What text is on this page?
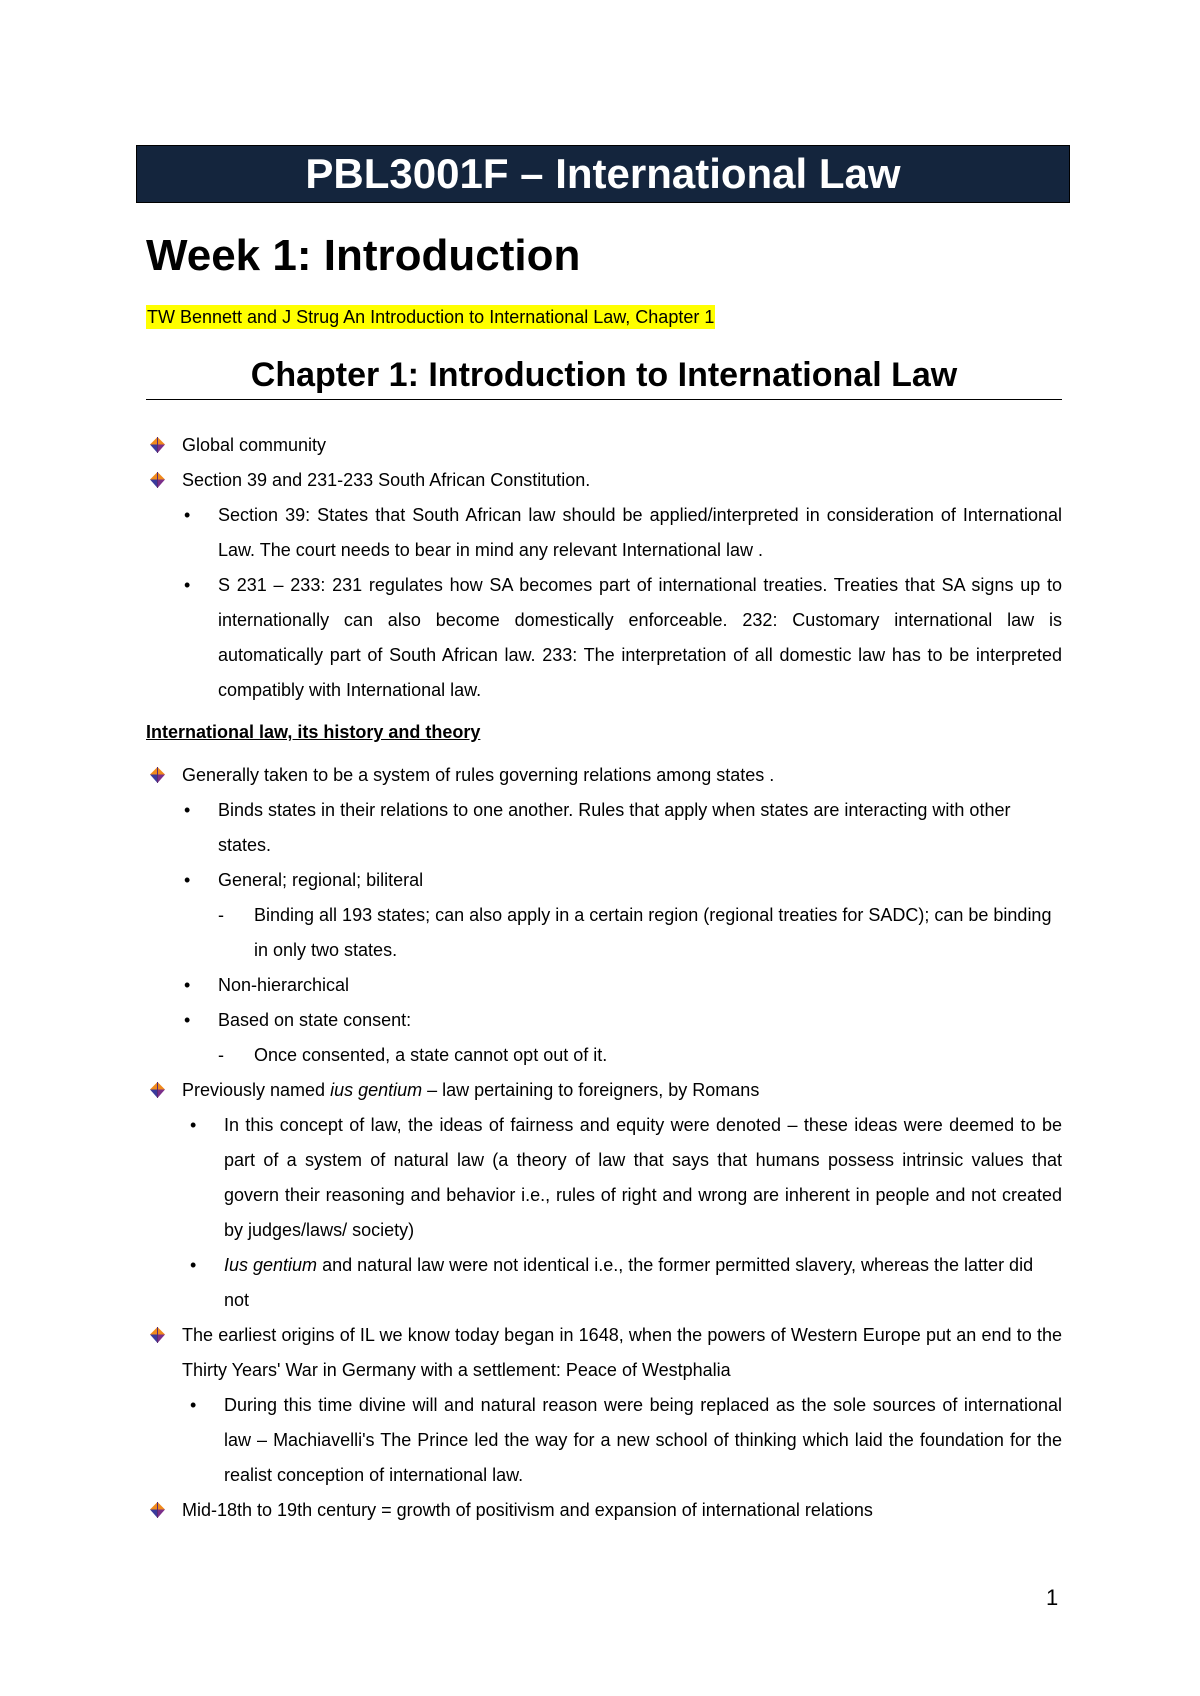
PBL3001F – International Law
Week 1: Introduction
TW Bennett and J Strug An Introduction to International Law, Chapter 1
Chapter 1: Introduction to International Law
Global community
Section 39 and 231-233 South African Constitution.
• Section 39: States that South African law should be applied/interpreted in consideration of International Law. The court needs to bear in mind any relevant International law .
• S 231 – 233: 231 regulates how SA becomes part of international treaties. Treaties that SA signs up to internationally can also become domestically enforceable. 232: Customary international law is automatically part of South African law. 233: The interpretation of all domestic law has to be interpreted compatibly with International law.
International law, its history and theory
Generally taken to be a system of rules governing relations among states .
• Binds states in their relations to one another. Rules that apply when states are interacting with other states.
• General; regional; biliteral
- Binding all 193 states; can also apply in a certain region (regional treaties for SADC); can be binding in only two states.
• Non-hierarchical
• Based on state consent:
- Once consented, a state cannot opt out of it.
Previously named ius gentium – law pertaining to foreigners, by Romans
• In this concept of law, the ideas of fairness and equity were denoted – these ideas were deemed to be part of a system of natural law (a theory of law that says that humans possess intrinsic values that govern their reasoning and behavior i.e., rules of right and wrong are inherent in people and not created by judges/laws/ society)
• Ius gentium and natural law were not identical i.e., the former permitted slavery, whereas the latter did not
The earliest origins of IL we know today began in 1648, when the powers of Western Europe put an end to the Thirty Years' War in Germany with a settlement: Peace of Westphalia
• During this time divine will and natural reason were being replaced as the sole sources of international law – Machiavelli's The Prince led the way for a new school of thinking which laid the foundation for the realist conception of international law.
Mid-18th to 19th century = growth of positivism and expansion of international relations
1
